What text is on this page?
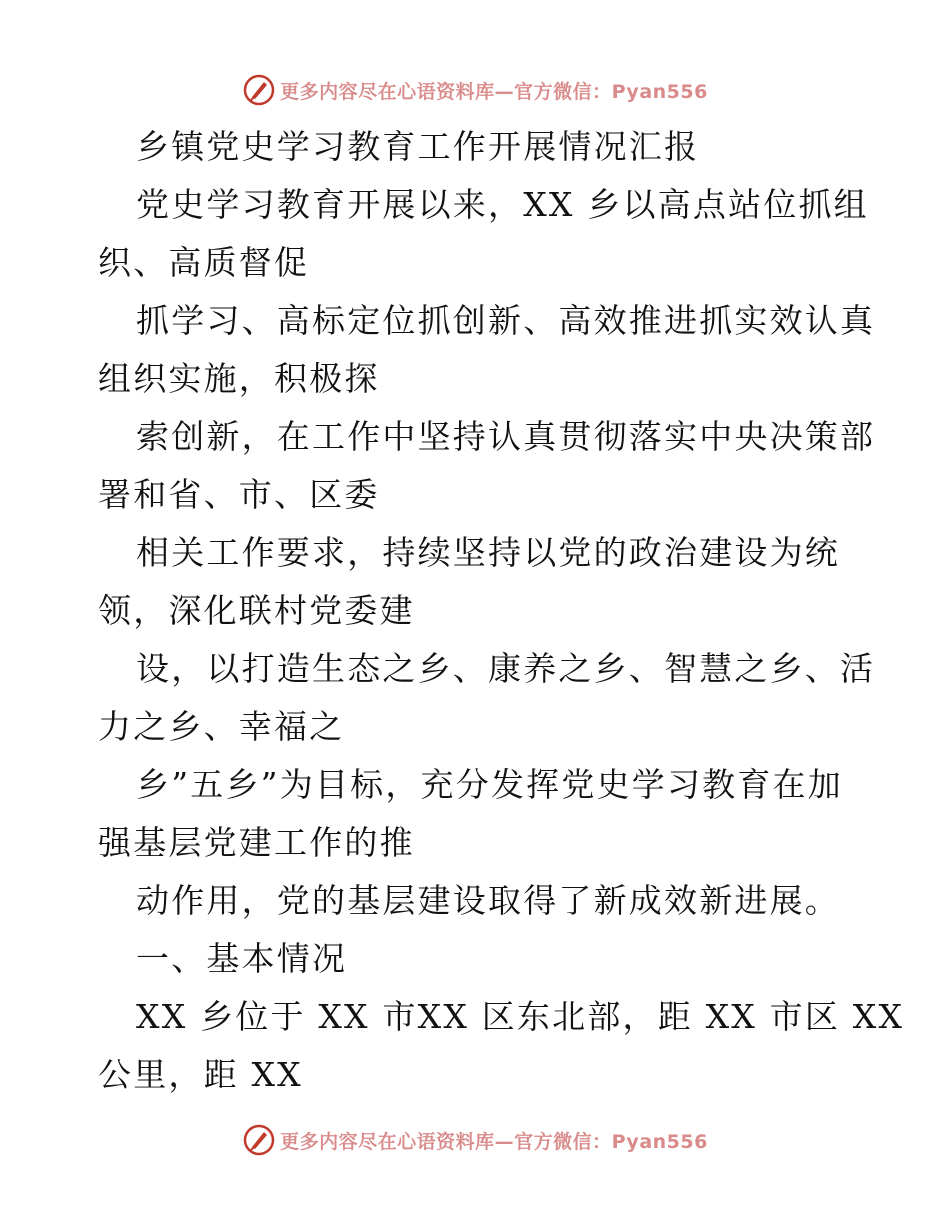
更多内容尽在心语资料库—官方微信：Pyan556
乡镇党史学习教育工作开展情况汇报
党史学习教育开展以来，XX 乡以高点站位抓组
织、高质督促
抓学习、高标定位抓创新、高效推进抓实效认真
组织实施，积极探
索创新，在工作中坚持认真贯彻落实中央决策部
署和省、市、区委
相关工作要求，持续坚持以党的政治建设为统
领，深化联村党委建
设，以打造生态之乡、康养之乡、智慧之乡、活
力之乡、幸福之
乡”五乡”为目标，充分发挥党史学习教育在加
强基层党建工作的推
动作用，党的基层建设取得了新成效新进展。
一、基本情况
XX 乡位于 XX 市XX 区东北部，距 XX 市区 XX
公里，距 XX
更多内容尽在心语资料库—官方微信：Pyan556
